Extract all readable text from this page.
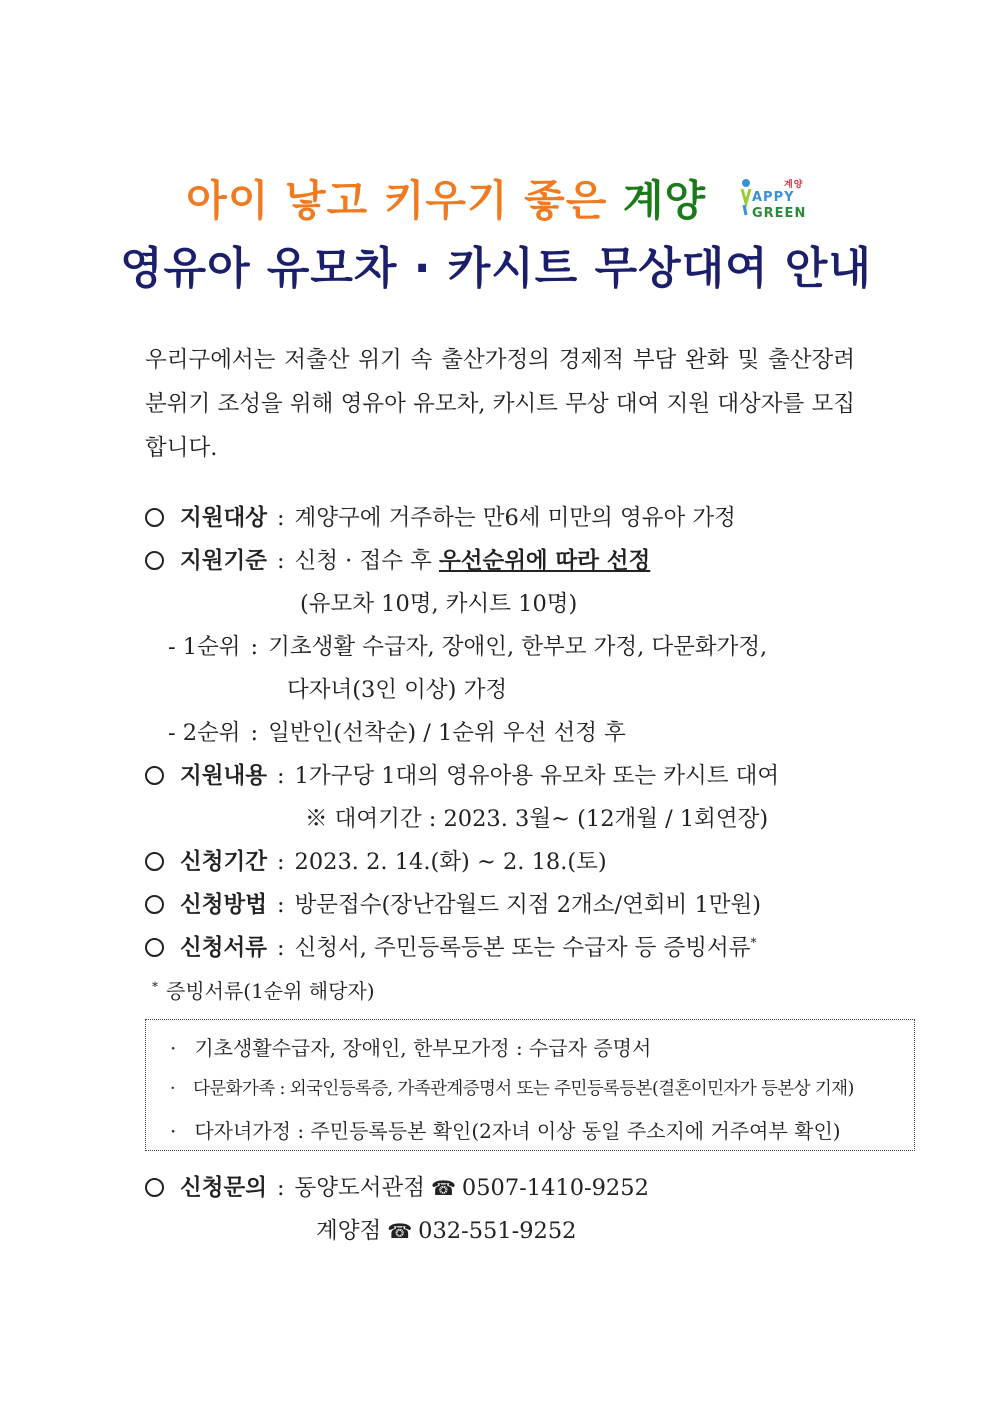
아이 낳고 키우기 좋은 계양	계양
APPY
GREEN
영유아 유모차 · 카시트 무상대여 안내
우리구에서는 저출산 위기 속 출산가정의 경제적 부담 완화 및 출산장려 분위기 조성을 위해 영유아 유모차, 카시트 무상 대여 지원 대상자를 모집합니다.
지원대상 : 계양구에 거주하는 만6세 미만의 영유아 가정
지원기준 : 신청 · 접수 후 우선순위에 따라 선정
(유모차 10명, 카시트 10명)
- 1순위 : 기초생활 수급자, 장애인, 한부모 가정, 다문화가정,
다자녀(3인 이상) 가정
- 2순위 : 일반인(선착순) / 1순위 우선 선정 후
지원내용 : 1가구당 1대의 영유아용 유모차 또는 카시트 대여
※ 대여기간 : 2023. 3월~ (12개월 / 1회연장)
신청기간 : 2023. 2. 14.(화) ~ 2. 18.(토)
신청방법 : 방문접수(장난감월드 지점 2개소/연회비 1만원)
신청서류 : 신청서, 주민등록등본 또는 수급자 등 증빙서류*
* 증빙서류(1순위 해당자)
· 기초생활수급자, 장애인, 한부모가정 : 수급자 증명서
· 다문화가족 : 외국인등록증, 가족관계증명서 또는 주민등록등본(결혼이민자가 등본상 기재)
· 다자녀가정 : 주민등록등본 확인(2자녀 이상 동일 주소지에 거주여부 확인)
신청문의 : 동양도서관점 ☎ 0507-1410-9252
계양점 ☎ 032-551-9252
